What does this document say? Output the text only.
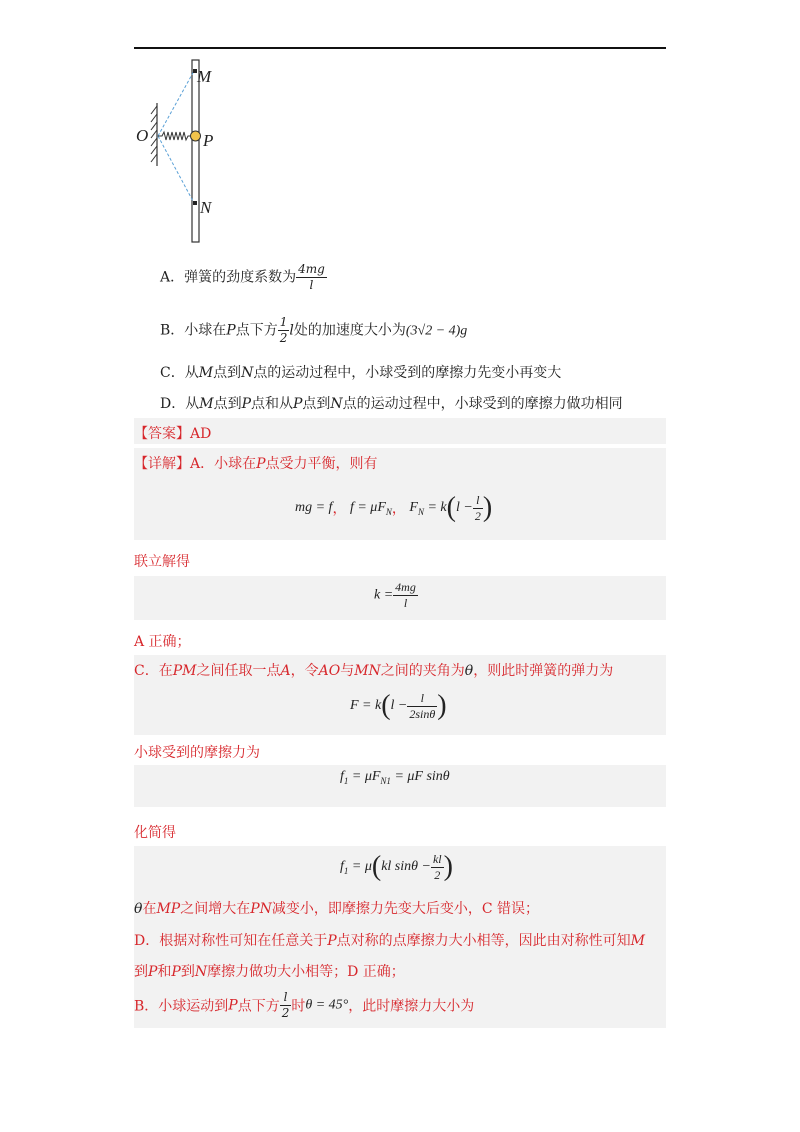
M
O	P
N
A．弹簧的劲度系数为 $\frac{4mg}{l}$
B．小球在P点下方 $\frac{1}{2}$ l处的加速度大小为(3√2 − 4)g
C．从M点到N点的运动过程中，小球受到的摩擦力先变小再变大
D．从M点到P点和从P点到N点的运动过程中，小球受到的摩擦力做功相同
【答案】AD
【详解】A．小球在P点受力平衡，则有
mg = f， $f = \mu F_N$， $F_N = k(l - \frac{l}{2}$ )
联立解得
$k = \frac{4mg}{l}$
A 正确；
C．在PM之间任取一点A，令AO与MN之间的夹角为θ，则此时弹簧的弹力为
$F = k(l - \frac{l}{2\sin\theta}$ )
小球受到的摩擦力为
$f_1 = \mu F_{N1} = \mu F$ sinθ
化简得
$f_1 = \mu(kl$ $\sin\theta - \frac{kl}{2}$ )
θ在MP之间增大在PN减变小，即摩擦力先变大后变小，C 错误；
D．根据对称性可知在任意关于P点对称的点摩擦力大小相等，因此由对称性可知M
到P和P到N摩擦力做功大小相等；D 正确；
B．小球运动到P点下方 $\frac{l}{2}$ 时θ = 45°，此时摩擦力大小为
